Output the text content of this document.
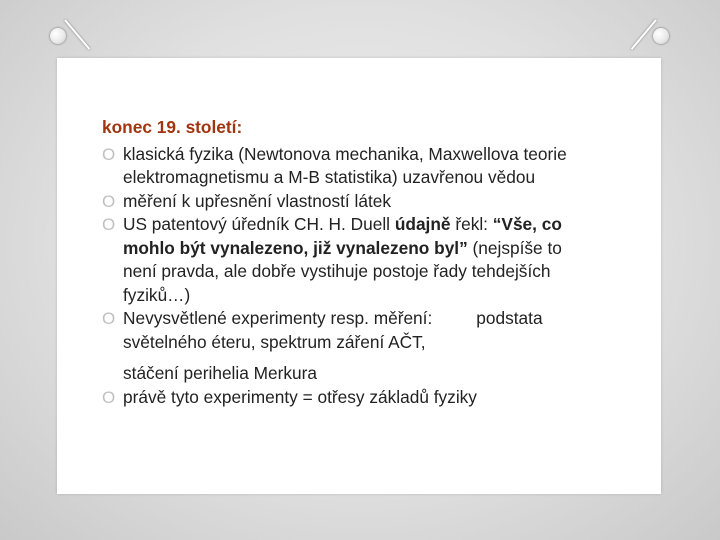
konec 19. století:
O klasická fyzika (Newtonova mechanika, Maxwellova teorie
elektromagnetismu a M-B statistika) uzavřenou vědou
O měření k upřesnění vlastností látek
O US patentový úředník CH. H. Duell údajně řekl: “Vše, co
mohlo být vynalezeno, již vynalezeno byl” (nejspíše to
není pravda, ale dobře vystihuje postoje řady tehdejších
fyziků…)
O Nevysvětlené experimenty resp. měření:	podstata
světelného éteru, spektrum záření AČT,
stáčení perihelia Merkura
O právě tyto experimenty = otřesy základů fyziky
